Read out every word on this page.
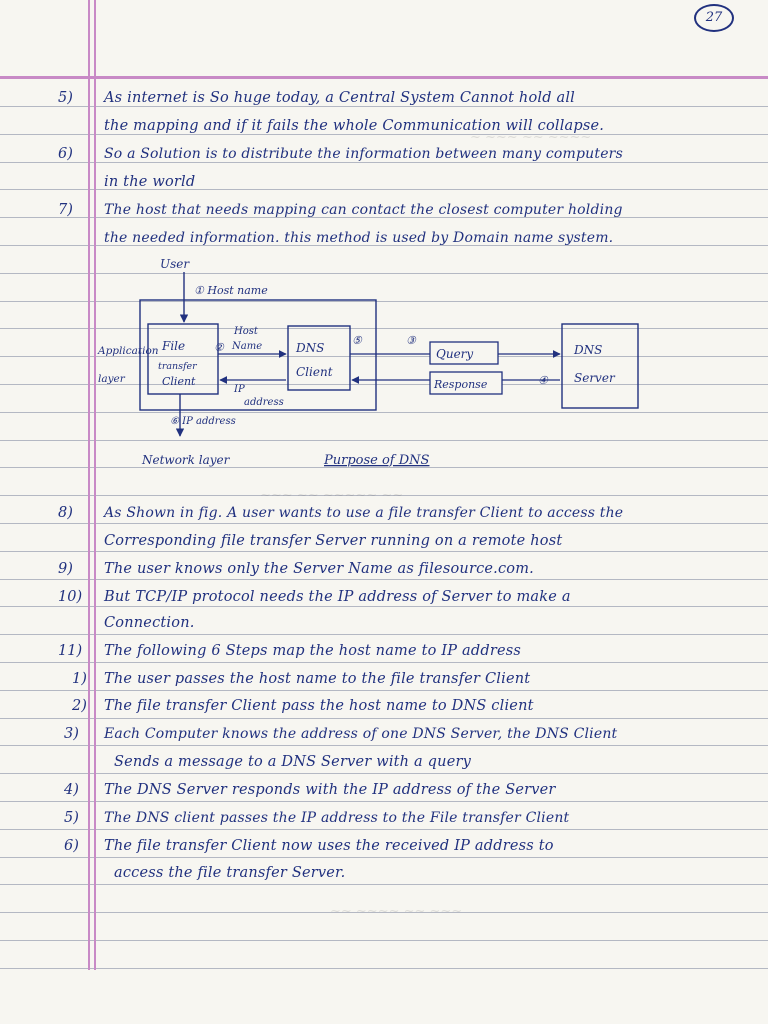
27
~ ~~~ ~~ ~~~~
~~~ ~~ ~~~~~ ~~
~~ ~~~~ ~~ ~~~
5) As internet is So huge today, a Central System Cannot hold all
the mapping and if it fails the whole Communication will collapse.
6) So a Solution is to distribute the information between many computers
in the world
7) The host that needs mapping can contact the closest computer holding
the needed information. this method is used by Domain name system.
User
① Host name
Application
layer
File
transfer
Client
②
Host
Name
IP
address
DNS
Client
⑤
Query
③
Response	④
DNS
Server
⑥ IP address
Network layer	Purpose of DNS
8) As Shown in fig. A user wants to use a file transfer Client to access the
Corresponding file transfer Server running on a remote host
9) The user knows only the Server Name as filesource.com.
10) But TCP/IP protocol needs the IP address of Server to make a
Connection.
11) The following 6 Steps map the host name to IP address
1) The user passes the host name to the file transfer Client
2) The file transfer Client pass the host name to DNS client
3) Each Computer knows the address of one DNS Server, the DNS Client
Sends a message to a DNS Server with a query
4) The DNS Server responds with the IP address of the Server
5) The DNS client passes the IP address to the File transfer Client
6) The file transfer Client now uses the received IP address to
access the file transfer Server.
